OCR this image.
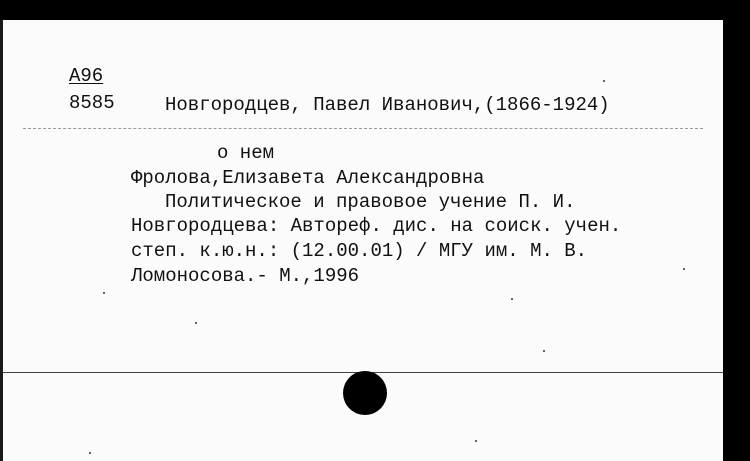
A96
8585	Новгородцев, Павел Иванович,(1866-1924)
о нем
Фролова,Елизавета Александровна
Политическое и правовое учение П. И.
Новгородцева: Автореф. дис. на соиск. учен.
степ. к.ю.н.: (12.00.01) / МГУ им. М. В.
Ломоносова.- М.,1996
